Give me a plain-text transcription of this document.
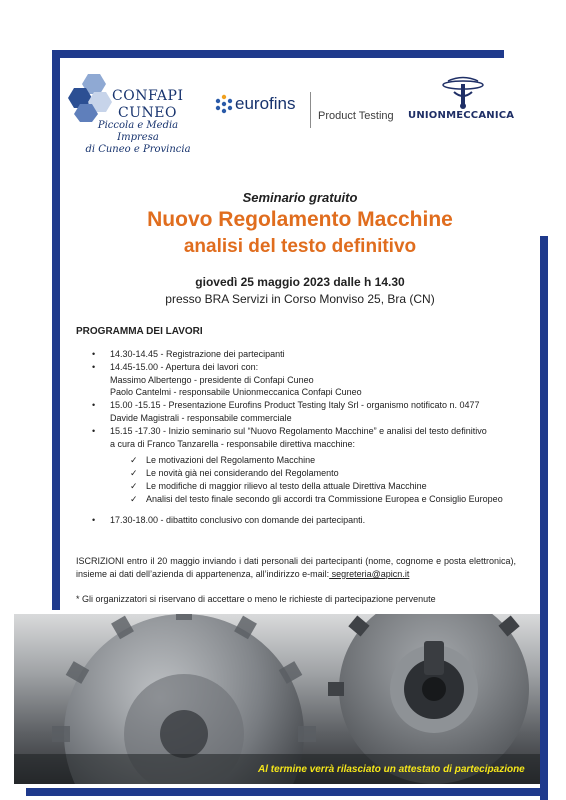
CONFAPI
CUNEO
Piccola e Media Impresa
di Cuneo e Provincia
eurofins
Product Testing UNIONMECCANICA
Seminario gratuito
Nuovo Regolamento Macchine
analisi del testo definitivo
giovedì 25 maggio 2023 dalle h 14.30
presso BRA Servizi in Corso Monviso 25, Bra (CN)
PROGRAMMA DEI LAVORI
• 14.30-14.45 - Registrazione dei partecipanti
• 14.45-15.00 - Apertura dei lavori con:
Massimo Albertengo - presidente di Confapi Cuneo
Paolo Cantelmi - responsabile Unionmeccanica Confapi Cuneo
• 15.00 -15.15 - Presentazione Eurofins Product Testing Italy Srl - organismo notificato n. 0477
Davide Magistrali - responsabile commerciale
• 15.15 -17.30 - Inizio seminario sul “Nuovo Regolamento Macchine” e analisi del testo definitivo
a cura di Franco Tanzarella - responsabile direttiva macchine:
✓ Le motivazioni del Regolamento Macchine
✓ Le novità già nei considerando del Regolamento
✓ Le modifiche di maggior rilievo al testo della attuale Direttiva Macchine
✓ Analisi del testo finale secondo gli accordi tra Commissione Europea e Consiglio Europeo
• 17.30-18.00 - dibattito conclusivo con domande dei partecipanti.
ISCRIZIONI entro il 20 maggio inviando i dati personali dei partecipanti (nome, cognome e posta elettronica), insieme ai dati dell’azienda di appartenenza, all’indirizzo e-mail: segreteria@apicn.it
* Gli organizzatori si riservano di accettare o meno le richieste di partecipazione pervenute
Al termine verrà rilasciato un attestato di partecipazione
